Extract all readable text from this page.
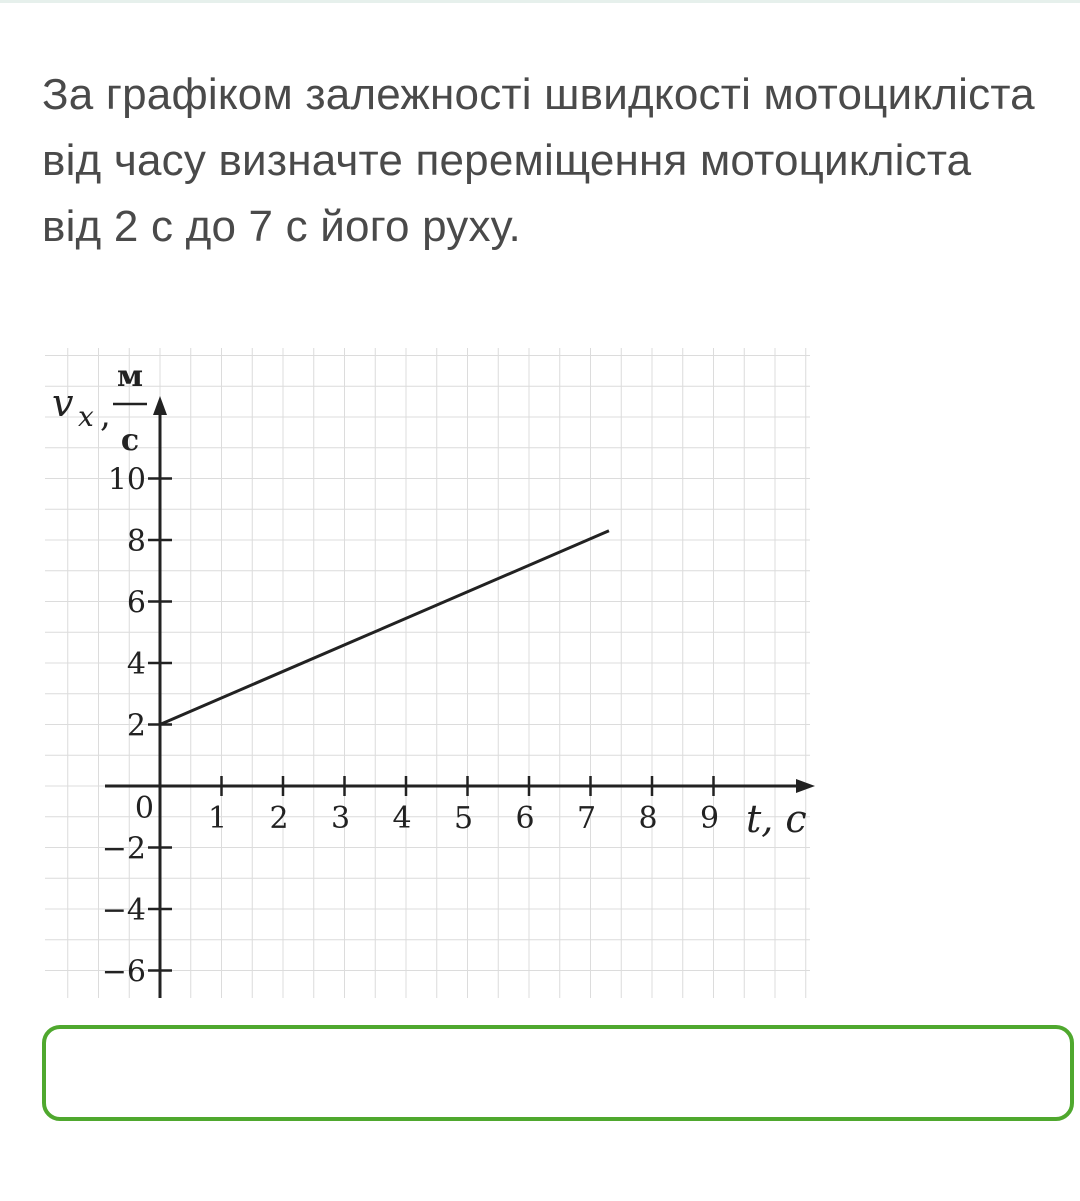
За графіком залежності швидкості мотоцикліста від часу визначте переміщення мотоцикліста від 2 с до 7 с його руху.
1 2 3 4 5 6 7 8 9
10
8
6
4
2
−2
−4
−6
0	t, c
v x ,
м
с
